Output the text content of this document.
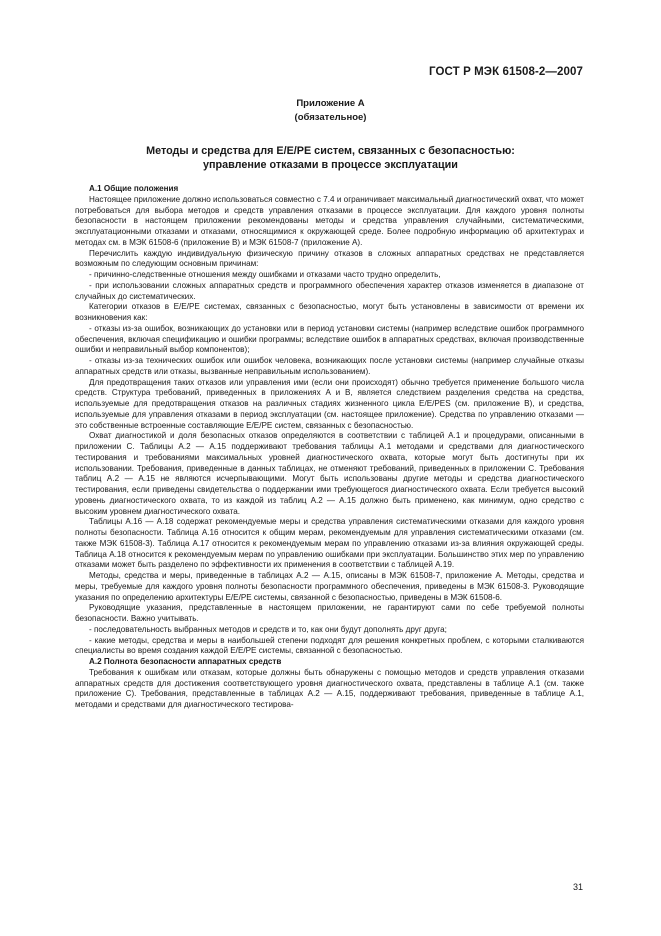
ГОСТ Р МЭК 61508-2—2007
Приложение А
(обязательное)
Методы и средства для E/E/PE систем, связанных с безопасностью:
управление отказами в процессе эксплуатации
А.1 Общие положения

Настоящее приложение должно использоваться совместно с 7.4 и ограничивает максимальный диагностический охват, что может потребоваться для выбора методов и средств управления отказами в процессе эксплуатации. Для каждого уровня полноты безопасности в настоящем приложении рекомендованы методы и средства управления случайными, систематическими, эксплуатационными отказами и отказами, относящимися к окружающей среде. Более подробную информацию об архитектурах и методах см. в МЭК 61508-6 (приложение В) и МЭК 61508-7 (приложение А).

Перечислить каждую индивидуальную физическую причину отказов в сложных аппаратных средствах не представляется возможным по следующим основным причинам:

- причинно-следственные отношения между ошибками и отказами часто трудно определить,

- при использовании сложных аппаратных средств и программного обеспечения характер отказов изменяется в диапазоне от случайных до систематических.

Категории отказов в E/E/PE системах, связанных с безопасностью, могут быть установлены в зависимости от времени их возникновения как:

- отказы из-за ошибок, возникающих до установки или в период установки системы (например вследствие ошибок программного обеспечения, включая спецификацию и ошибки программы; вследствие ошибок в аппаратных средствах, включая производственные ошибки и неправильный выбор компонентов);

- отказы из-за технических ошибок или ошибок человека, возникающих после установки системы (например случайные отказы аппаратных средств или отказы, вызванные неправильным использованием).

Для предотвращения таких отказов или управления ими (если они происходят) обычно требуется применение большого числа средств. Структура требований, приведенных в приложениях А и В, является следствием разделения средства на средства, используемые для предотвращения отказов на различных стадиях жизненного цикла E/E/PES (см. приложение В), и средства, используемые для управления отказами в период эксплуатации (см. настоящее приложение). Средства по управлению отказами — это собственные встроенные составляющие E/E/PE систем, связанных с безопасностью.

Охват диагностикой и доля безопасных отказов определяются в соответствии с таблицей А.1 и процедурами, описанными в приложении С. Таблицы А.2 — А.15 поддерживают требования таблицы А.1 методами и средствами для диагностического тестирования и требованиями максимальных уровней диагностического охвата, которые могут быть достигнуты при их использовании. Требования, приведенные в данных таблицах, не отменяют требований, приведенных в приложении С. Требования таблиц А.2 — А.15 не являются исчерпывающими. Могут быть использованы другие методы и средства диагностического тестирования, если приведены свидетельства о поддержании ими требующегося диагностического охвата. Если требуется высокий уровень диагностического охвата, то из каждой из таблиц А.2 — А.15 должно быть применено, как минимум, одно средство с высоким уровнем диагностического охвата.

Таблицы А.16 — А.18 содержат рекомендуемые меры и средства управления систематическими отказами для каждого уровня полноты безопасности. Таблица А.16 относится к общим мерам, рекомендуемым для управления систематическими отказами (см. также МЭК 61508-3). Таблица А.17 относится к рекомендуемым мерам по управлению отказами из-за влияния окружающей среды. Таблица А.18 относится к рекомендуемым мерам по управлению ошибками при эксплуатации. Большинство этих мер по управлению отказами может быть разделено по эффективности их применения в соответствии с таблицей А.19.

Методы, средства и меры, приведенные в таблицах А.2 — А.15, описаны в МЭК 61508-7, приложение А. Методы, средства и меры, требуемые для каждого уровня полноты безопасности программного обеспечения, приведены в МЭК 61508-3. Руководящие указания по определению архитектуры E/E/PE системы, связанной с безопасностью, приведены в МЭК 61508-6.

Руководящие указания, представленные в настоящем приложении, не гарантируют сами по себе требуемой полноты безопасности. Важно учитывать.

- последовательность выбранных методов и средств и то, как они будут дополнять друг друга;

- какие методы, средства и меры в наибольшей степени подходят для решения конкретных проблем, с которыми сталкиваются специалисты во время создания каждой E/E/PE системы, связанной с безопасностью.

А.2 Полнота безопасности аппаратных средств

Требования к ошибкам или отказам, которые должны быть обнаружены с помощью методов и средств управления отказами аппаратных средств для достижения соответствующего уровня диагностического охвата, представлены в таблице А.1 (см. также приложение С). Требования, представленные в таблицах А.2 — А.15, поддерживают требования, приведенные в таблице А.1, методами и средствами для диагностического тестирова-

31
